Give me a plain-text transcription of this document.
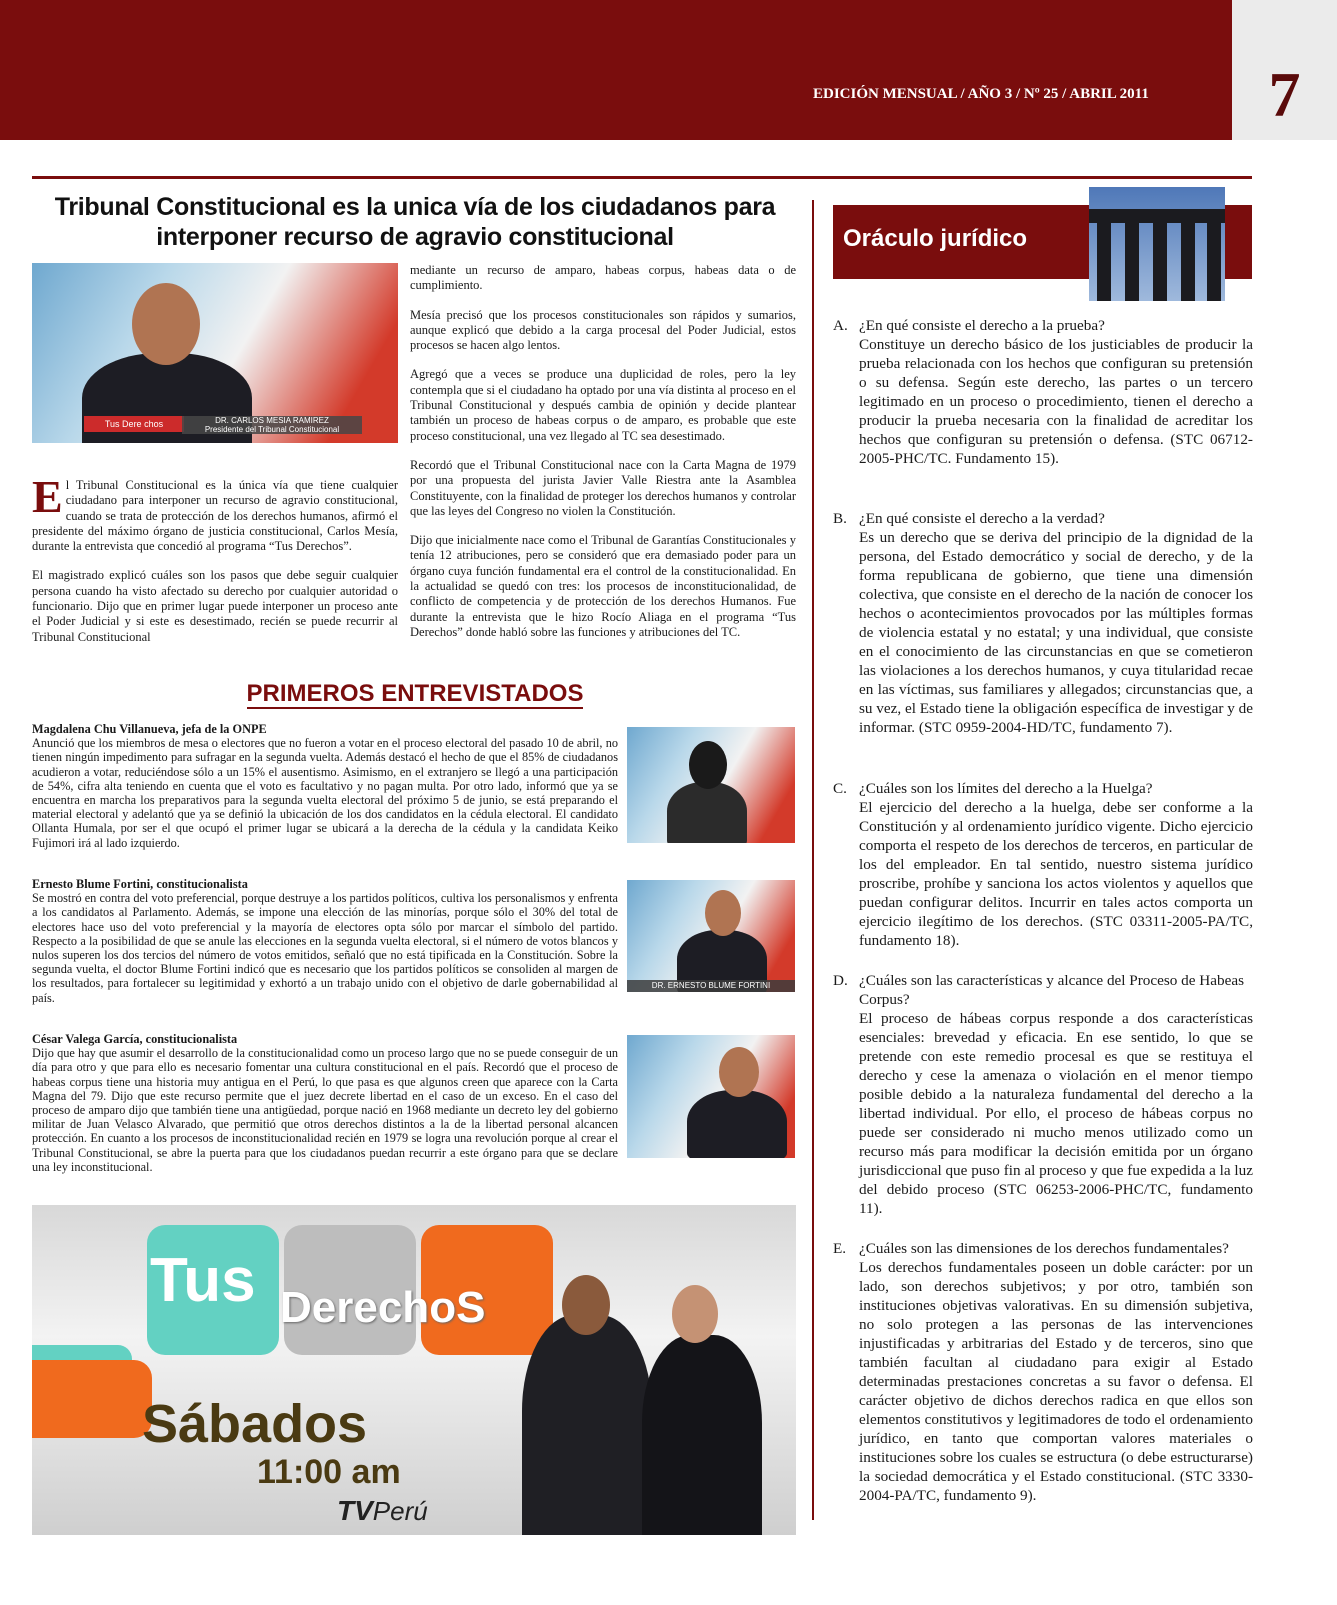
EDICIÓN MENSUAL / AÑO 3 / Nº 25 / ABRIL 2011	7
Tribunal Constitucional es la unica vía de los ciudadanos para
interponer recurso de agravio constitucional
Tus Dere chos	DR. CARLOS MESIA RAMIREZ
Presidente del Tribunal Constitucional

El Tribunal Constitucional es la única vía que tiene cualquier ciudadano para interponer un recurso de agravio constitucional, cuando se trata de protección de los derechos humanos, afirmó el presidente del máximo órgano de justicia constitucional, Carlos Mesía, durante la entrevista que concedió al programa “Tus Derechos”.

El magistrado explicó cuáles son los pasos que debe seguir cualquier persona cuando ha visto afectado su derecho por cualquier autoridad o funcionario. Dijo que en primer lugar puede interponer un proceso ante el Poder Judicial y si este es desestimado, recién se puede recurrir al Tribunal Constitucional

mediante un recurso de amparo, habeas corpus, habeas data o de cumplimiento.

Mesía precisó que los procesos constitucionales son rápidos y sumarios, aunque explicó que debido a la carga procesal del Poder Judicial, estos procesos se hacen algo lentos.

Agregó que a veces se produce una duplicidad de roles, pero la ley contempla que si el ciudadano ha optado por una vía distinta al proceso en el Tribunal Constitucional y después cambia de opinión y decide plantear también un proceso de habeas corpus o de amparo, es probable que este proceso constitucional, una vez llegado al TC sea desestimado.

Recordó que el Tribunal Constitucional nace con la Carta Magna de 1979 por una propuesta del jurista Javier Valle Riestra ante la Asamblea Constituyente, con la finalidad de proteger los derechos humanos y controlar que las leyes del Congreso no violen la Constitución.

Dijo que inicialmente nace como el Tribunal de Garantías Constitucionales y tenía 12 atribuciones, pero se consideró que era demasiado poder para un órgano cuya función fundamental era el control de la constitucionalidad. En la actualidad se quedó con tres: los procesos de inconstitucionalidad, de conflicto de competencia y de protección de los derechos Humanos. Fue durante la entrevista que le hizo Rocío Aliaga en el programa “Tus Derechos” donde habló sobre las funciones y atribuciones del TC.

PRIMEROS ENTREVISTADOS
Magdalena Chu Villanueva, jefa de la ONPE
Anunció que los miembros de mesa o electores que no fueron a votar en el proceso electoral del pasado 10 de abril, no tienen ningún impedimento para sufragar en la segunda vuelta. Además destacó el hecho de que el 85% de ciudadanos acudieron a votar, reduciéndose sólo a un 15% el ausentismo. Asimismo, en el extranjero se llegó a una participación de 54%, cifra alta teniendo en cuenta que el voto es facultativo y no pagan multa. Por otro lado, informó que ya se encuentra en marcha los preparativos para la segunda vuelta electoral del próximo 5 de junio, se está preparando el material electoral y adelantó que ya se definió la ubicación de los dos candidatos en la cédula electoral. El candidato Ollanta Humala, por ser el que ocupó el primer lugar se ubicará a la derecha de la cédula y la candidata Keiko Fujimori irá al lado izquierdo.
Ernesto Blume Fortini, constitucionalista
Se mostró en contra del voto preferencial, porque destruye a los partidos políticos, cultiva los personalismos y enfrenta a los candidatos al Parlamento. Además, se impone una elección de las minorías, porque sólo el 30% del total de electores hace uso del voto preferencial y la mayoría de electores opta sólo por marcar el símbolo del partido. Respecto a la posibilidad de que se anule las elecciones en la segunda vuelta electoral, si el número de votos blancos y nulos superen los dos tercios del número de votos emitidos, señaló que no está tipificada en la Constitución. Sobre la segunda vuelta, el doctor Blume Fortini indicó que es necesario que los partidos políticos se consoliden al margen de los resultados, para fortalecer su legitimidad y exhortó a un trabajo unido con el objetivo de darle gobernabilidad al país.
DR. ERNESTO BLUME FORTINI
César Valega García, constitucionalista
Dijo que hay que asumir el desarrollo de la constitucionalidad como un proceso largo que no se puede conseguir de un día para otro y que para ello es necesario fomentar una cultura constitucional en el país. Recordó que el proceso de habeas corpus tiene una historia muy antigua en el Perú, lo que pasa es que algunos creen que aparece con la Carta Magna del 79. Dijo que este recurso permite que el juez decrete libertad en el caso de un exceso. En el caso del proceso de amparo dijo que también tiene una antigüedad, porque nació en 1968 mediante un decreto ley del gobierno militar de Juan Velasco Alvarado, que permitió que otros derechos distintos a la de la libertad personal alcancen protección. En cuanto a los procesos de inconstitucionalidad recién en 1979 se logra una revolución porque al crear el Tribunal Constitucional, se abre la puerta para que los ciudadanos puedan recurrir a este órgano para que se declare una ley inconstitucional.
Tus DerechoS
Sábados
11:00 am
TVPerú
Oráculo jurídico
A. ¿En qué consiste el derecho a la prueba?
Constituye un derecho básico de los justiciables de producir la prueba relacionada con los hechos que configuran su pretensión o su defensa. Según este derecho, las partes o un tercero legitimado en un proceso o procedimiento, tienen el derecho a producir la prueba necesaria con la finalidad de acreditar los hechos que configuran su pretensión o defensa. (STC 06712-2005-PHC/TC. Fundamento 15).
B. ¿En qué consiste el derecho a la verdad?
Es un derecho que se deriva del principio de la dignidad de la persona, del Estado democrático y social de derecho, y de la forma republicana de gobierno, que tiene una dimensión colectiva, que consiste en el derecho de la nación de conocer los hechos o acontecimientos provocados por las múltiples formas de violencia estatal y no estatal; y una individual, que consiste en el conocimiento de las circunstancias en que se cometieron las violaciones a los derechos humanos, y cuya titularidad recae en las víctimas, sus familiares y allegados; circunstancias que, a su vez, el Estado tiene la obligación específica de investigar y de informar. (STC 0959-2004-HD/TC, fundamento 7).
C. ¿Cuáles son los límites del derecho a la Huelga?
El ejercicio del derecho a la huelga, debe ser conforme a la Constitución y al ordenamiento jurídico vigente. Dicho ejercicio comporta el respeto de los derechos de terceros, en particular de los del empleador. En tal sentido, nuestro sistema jurídico proscribe, prohíbe y sanciona los actos violentos y aquellos que puedan configurar delitos. Incurrir en tales actos comporta un ejercicio ilegítimo de los derechos. (STC 03311-2005-PA/TC, fundamento 18).
D. ¿Cuáles son las características y alcance del Proceso de Habeas Corpus?
El proceso de hábeas corpus responde a dos características esenciales: brevedad y eficacia. En ese sentido, lo que se pretende con este remedio procesal es que se restituya el derecho y cese la amenaza o violación en el menor tiempo posible debido a la naturaleza fundamental del derecho a la libertad individual. Por ello, el proceso de hábeas corpus no puede ser considerado ni mucho menos utilizado como un recurso más para modificar la decisión emitida por un órgano jurisdiccional que puso fin al proceso y que fue expedida a la luz del debido proceso (STC 06253-2006-PHC/TC, fundamento 11).
E. ¿Cuáles son las dimensiones de los derechos fundamentales?
Los derechos fundamentales poseen un doble carácter: por un lado, son derechos subjetivos; y por otro, también son instituciones objetivas valorativas. En su dimensión subjetiva, no solo protegen a las personas de las intervenciones injustificadas y arbitrarias del Estado y de terceros, sino que también facultan al ciudadano para exigir al Estado determinadas prestaciones concretas a su favor o defensa. El carácter objetivo de dichos derechos radica en que ellos son elementos constitutivos y legitimadores de todo el ordenamiento jurídico, en tanto que comportan valores materiales o instituciones sobre los cuales se estructura (o debe estructurarse) la sociedad democrática y el Estado constitucional. (STC 3330-2004-PA/TC, fundamento 9).
